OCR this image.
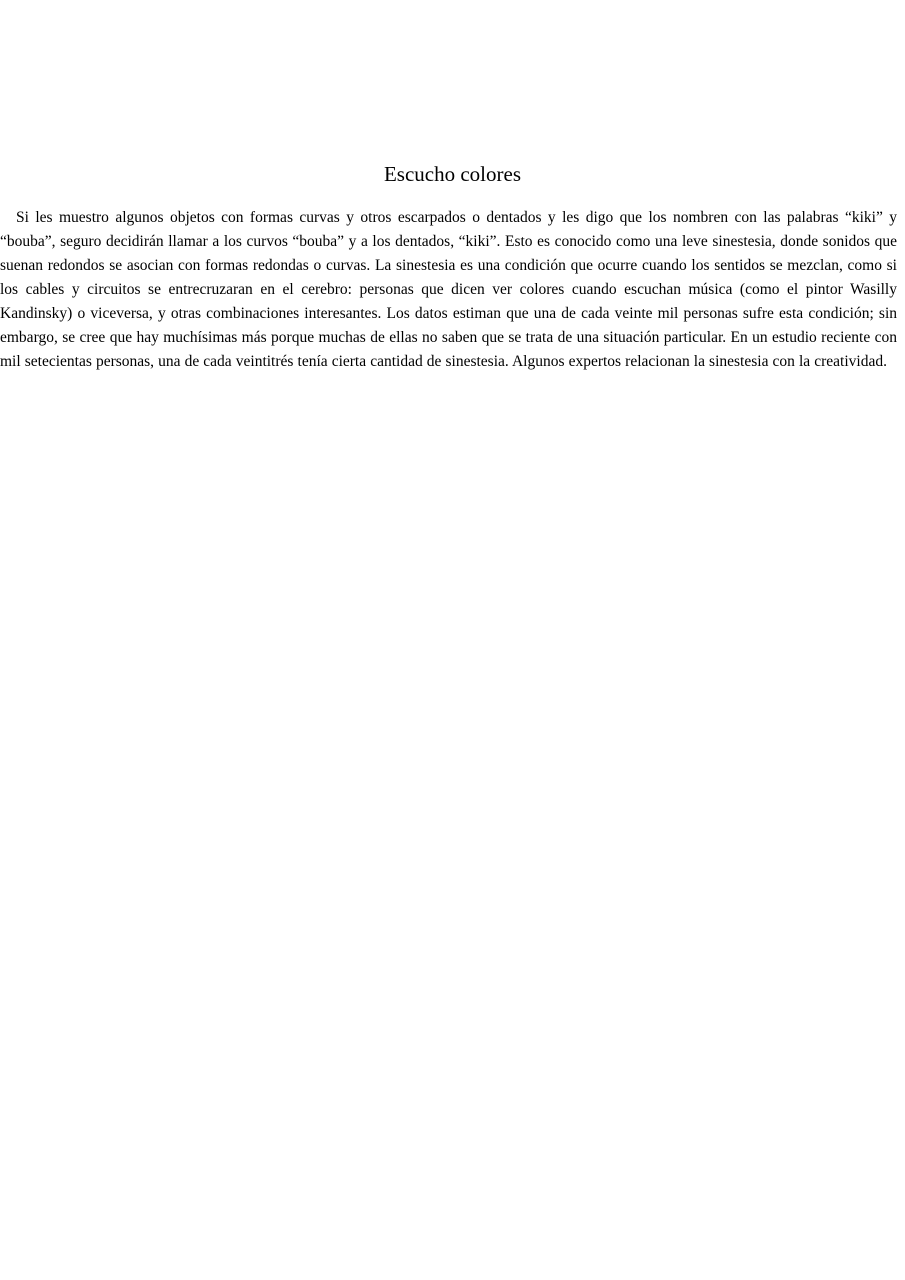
Escucho colores

Si les muestro algunos objetos con formas curvas y otros escarpados o dentados y les digo que los nombren con las palabras “kiki” y “bouba”, seguro decidirán llamar a los curvos “bouba” y a los dentados, “kiki”. Esto es conocido como una leve sinestesia, donde sonidos que suenan redondos se asocian con formas redondas o curvas. La sinestesia es una condición que ocurre cuando los sentidos se mezclan, como si los cables y circuitos se entrecruzaran en el cerebro: personas que dicen ver colores cuando escuchan música (como el pintor Wasilly Kandinsky) o viceversa, y otras combinaciones interesantes. Los datos estiman que una de cada veinte mil personas sufre esta condición; sin embargo, se cree que hay muchísimas más porque muchas de ellas no saben que se trata de una situación particular. En un estudio reciente con mil setecientas personas, una de cada veintitrés tenía cierta cantidad de sinestesia. Algunos expertos relacionan la sinestesia con la creatividad.
